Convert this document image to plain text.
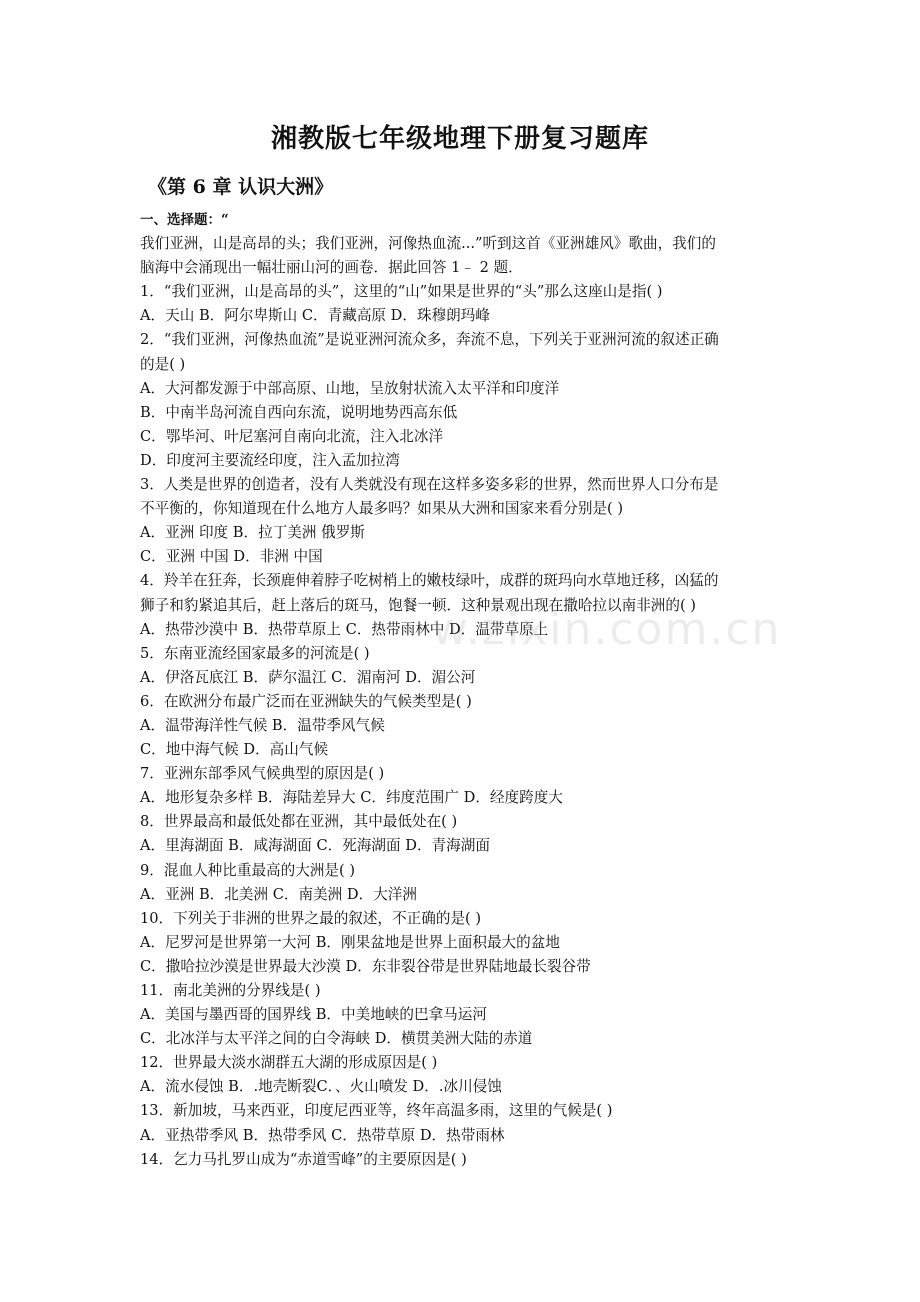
湘教版七年级地理下册复习题库
《第 6 章 认识大洲》
一、选择题：“
我们亚洲，山是高昂的头；我们亚洲，河像热血流...”听到这首《亚洲雄风》歌曲，我们的
脑海中会涌现出一幅壮丽山河的画卷．据此回答 1﹣ 2 题．
1．“我们亚洲，山是高昂的头”，这里的“山”如果是世界的“头”那么这座山是指( )
A．天山 B．阿尔卑斯山 C．青藏高原 D．珠穆朗玛峰
2．“我们亚洲，河像热血流”是说亚洲河流众多，奔流不息，下列关于亚洲河流的叙述正确
的是( )
A．大河都发源于中部高原、山地，呈放射状流入太平洋和印度洋
B．中南半岛河流自西向东流，说明地势西高东低
C．鄂毕河、叶尼塞河自南向北流，注入北冰洋
D．印度河主要流经印度，注入孟加拉湾
3．人类是世界的创造者，没有人类就没有现在这样多姿多彩的世界，然而世界人口分布是
不平衡的，你知道现在什么地方人最多吗？如果从大洲和国家来看分别是( )
A．亚洲 印度 B．拉丁美洲 俄罗斯
C．亚洲 中国 D．非洲 中国
4．羚羊在狂奔，长颈鹿伸着脖子吃树梢上的嫩枝绿叶，成群的斑玛向水草地迁移，凶猛的
狮子和豹紧追其后，赶上落后的斑马，饱餐一顿．这种景观出现在撒哈拉以南非洲的( )
A．热带沙漠中 B．热带草原上 C．热带雨林中 D．温带草原上
5．东南亚流经国家最多的河流是( )
A．伊洛瓦底江 B．萨尔温江 C．湄南河 D．湄公河
6．在欧洲分布最广泛而在亚洲缺失的气候类型是( )
A．温带海洋性气候 B．温带季风气候
C．地中海气候 D．高山气候
7．亚洲东部季风气候典型的原因是( )
A．地形复杂多样 B．海陆差异大 C．纬度范围广 D．经度跨度大
8．世界最高和最低处都在亚洲，其中最低处在( )
A．里海湖面 B．咸海湖面 C．死海湖面 D．青海湖面
9．混血人种比重最高的大洲是( )
A．亚洲 B．北美洲 C．南美洲 D．大洋洲
10．下列关于非洲的世界之最的叙述，不正确的是( )
A．尼罗河是世界第一大河 B．刚果盆地是世界上面积最大的盆地
C．撒哈拉沙漠是世界最大沙漠 D．东非裂谷带是世界陆地最长裂谷带
11．南北美洲的分界线是( )
A．美国与墨西哥的国界线 B．中美地峡的巴拿马运河
C．北冰洋与太平洋之间的白令海峡 D．横贯美洲大陆的赤道
12．世界最大淡水湖群五大湖的形成原因是( )
A．流水侵蚀 B．.地壳断裂C．、火山喷发 D．.冰川侵蚀
13．新加坡，马来西亚，印度尼西亚等，终年高温多雨，这里的气候是( )
A．亚热带季风 B．热带季风 C．热带草原 D．热带雨林
14．乞力马扎罗山成为“赤道雪峰”的主要原因是( )
w.zixin.com.cn
